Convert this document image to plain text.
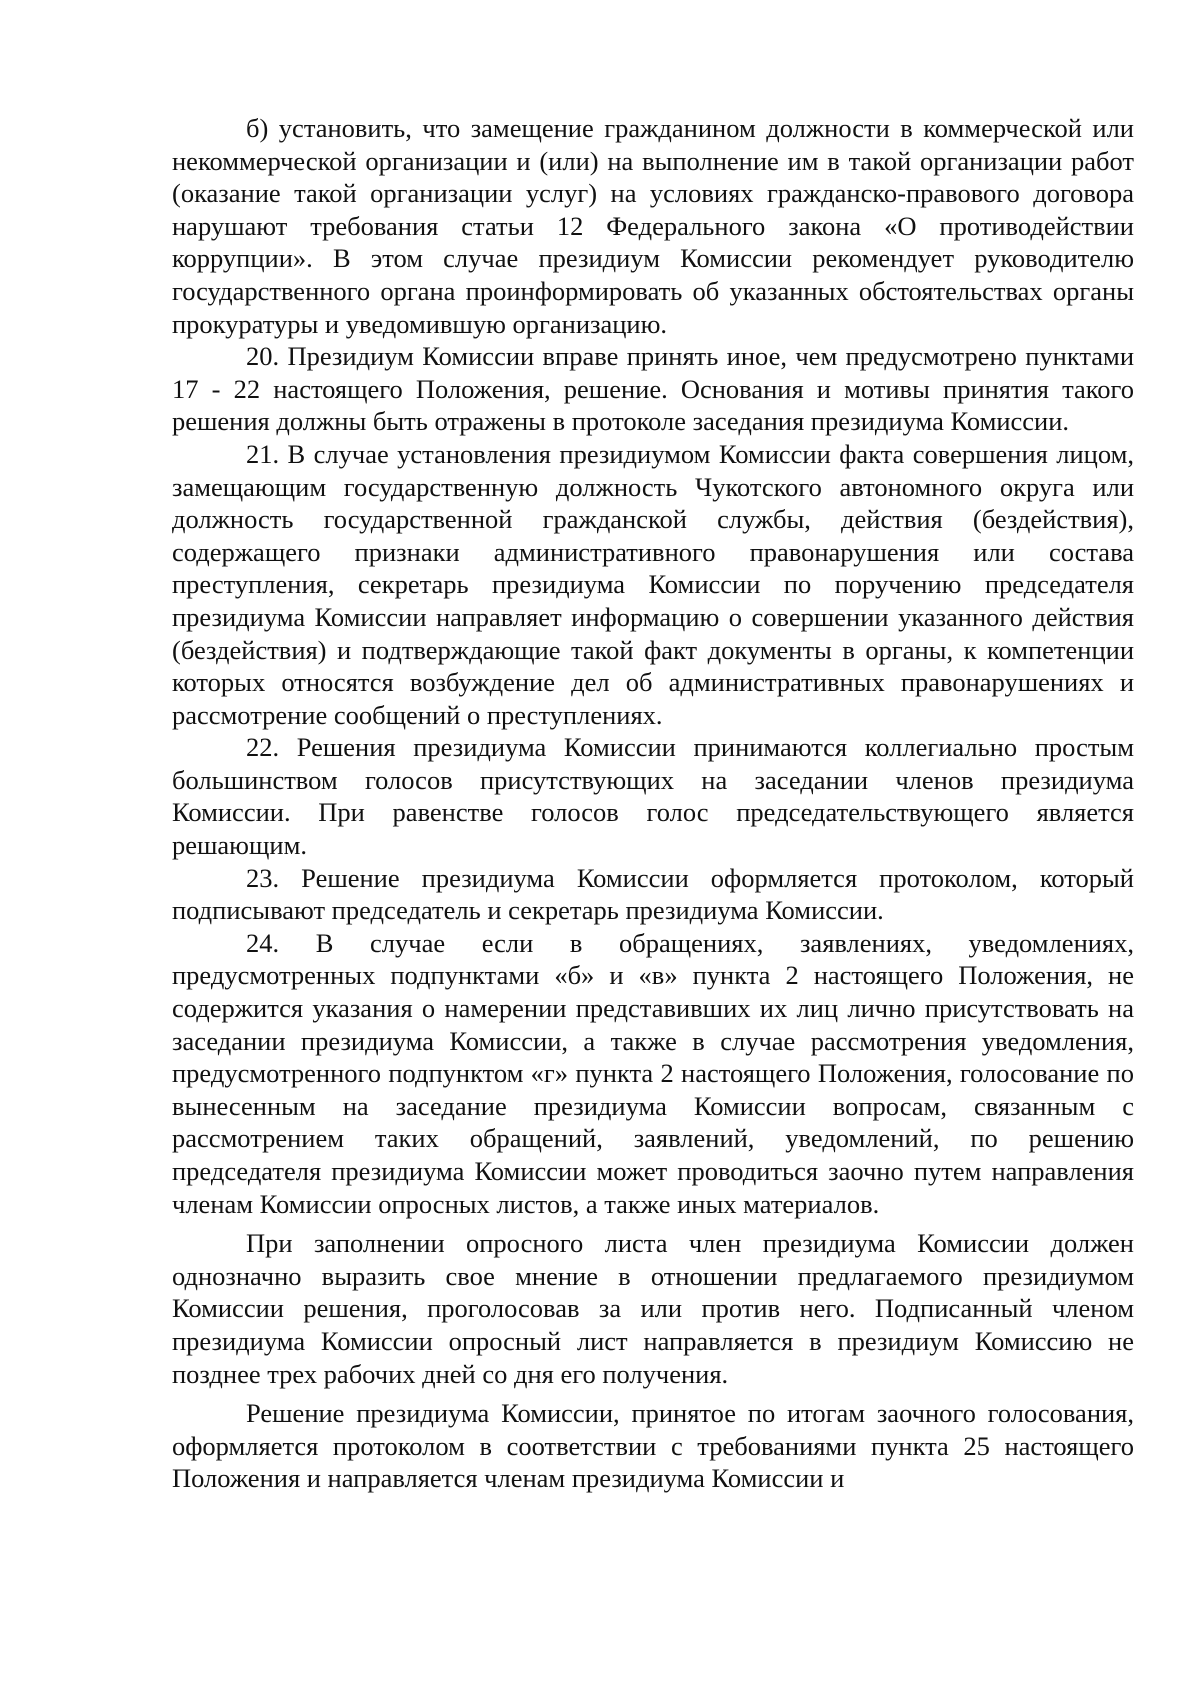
б) установить, что замещение гражданином должности в коммерческой или некоммерческой организации и (или) на выполнение им в такой организации работ (оказание такой организации услуг) на условиях гражданско-правового договора нарушают требования статьи 12 Федерального закона «О противодействии коррупции». В этом случае президиум Комиссии рекомендует руководителю государственного органа проинформировать об указанных обстоятельствах органы прокуратуры и уведомившую организацию.

20. Президиум Комиссии вправе принять иное, чем предусмотрено пунктами 17 - 22 настоящего Положения, решение. Основания и мотивы принятия такого решения должны быть отражены в протоколе заседания президиума Комиссии.

21. В случае установления президиумом Комиссии факта совершения лицом, замещающим государственную должность Чукотского автономного округа или должность государственной гражданской службы, действия (бездействия), содержащего признаки административного правонарушения или состава преступления, секретарь президиума Комиссии по поручению председателя президиума Комиссии направляет информацию о совершении указанного действия (бездействия) и подтверждающие такой факт документы в органы, к компетенции которых относятся возбуждение дел об административных правонарушениях и рассмотрение сообщений о преступлениях.

22. Решения президиума Комиссии принимаются коллегиально простым большинством голосов присутствующих на заседании членов президиума Комиссии. При равенстве голосов голос председательствующего является решающим.

23. Решение президиума Комиссии оформляется протоколом, который подписывают председатель и секретарь президиума Комиссии.

24. В случае если в обращениях, заявлениях, уведомлениях, предусмотренных подпунктами «б» и «в» пункта 2 настоящего Положения, не содержится указания о намерении представивших их лиц лично присутствовать на заседании президиума Комиссии, а также в случае рассмотрения уведомления, предусмотренного подпунктом «г» пункта 2 настоящего Положения, голосование по вынесенным на заседание президиума Комиссии вопросам, связанным с рассмотрением таких обращений, заявлений, уведомлений, по решению председателя президиума Комиссии может проводиться заочно путем направления членам Комиссии опросных листов, а также иных материалов.

При заполнении опросного листа член президиума Комиссии должен однозначно выразить свое мнение в отношении предлагаемого президиумом Комиссии решения, проголосовав за или против него. Подписанный членом президиума Комиссии опросный лист направляется в президиум Комиссию не позднее трех рабочих дней со дня его получения.

Решение президиума Комиссии, принятое по итогам заочного голосования, оформляется протоколом в соответствии с требованиями пункта 25 настоящего Положения и направляется членам президиума Комиссии и
